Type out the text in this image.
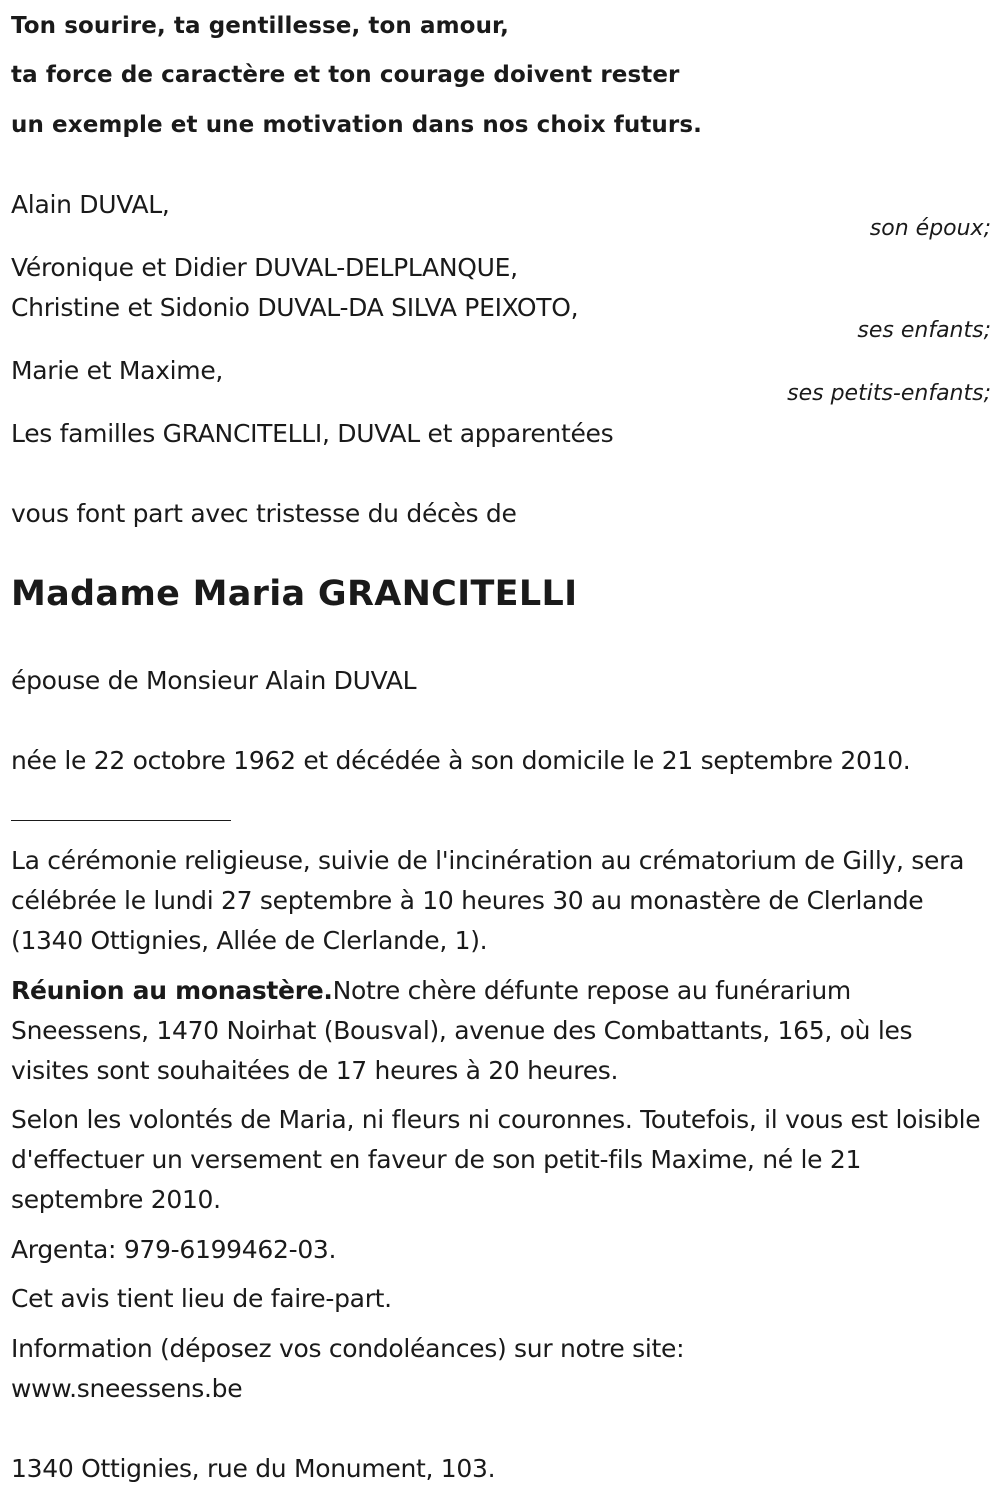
Ton sourire, ta gentillesse, ton amour,
ta force de caractère et ton courage doivent rester
un exemple et une motivation dans nos choix futurs.
Alain DUVAL,
son époux;
Véronique et Didier DUVAL-DELPLANQUE,
Christine et Sidonio DUVAL-DA SILVA PEIXOTO,
ses enfants;
Marie et Maxime,
ses petits-enfants;
Les familles GRANCITELLI, DUVAL et apparentées
vous font part avec tristesse du décès de
Madame Maria GRANCITELLI
épouse de Monsieur Alain DUVAL
née le 22 octobre 1962 et décédée à son domicile le 21 septembre 2010.

La cérémonie religieuse, suivie de l'incinération au crématorium de Gilly, sera célébrée le lundi 27 septembre à 10 heures 30 au monastère de Clerlande (1340 Ottignies, Allée de Clerlande, 1).

Réunion au monastère.Notre chère défunte repose au funérarium Sneessens, 1470 Noirhat (Bousval), avenue des Combattants, 165, où les visites sont souhaitées de 17 heures à 20 heures.

Selon les volontés de Maria, ni fleurs ni couronnes. Toutefois, il vous est loisible d'effectuer un versement en faveur de son petit-fils Maxime, né le 21 septembre 2010.

Argenta: 979-6199462-03.
Cet avis tient lieu de faire-part.
Information (déposez vos condoléances) sur notre site:
www.sneessens.be
1340 Ottignies, rue du Monument, 103.
